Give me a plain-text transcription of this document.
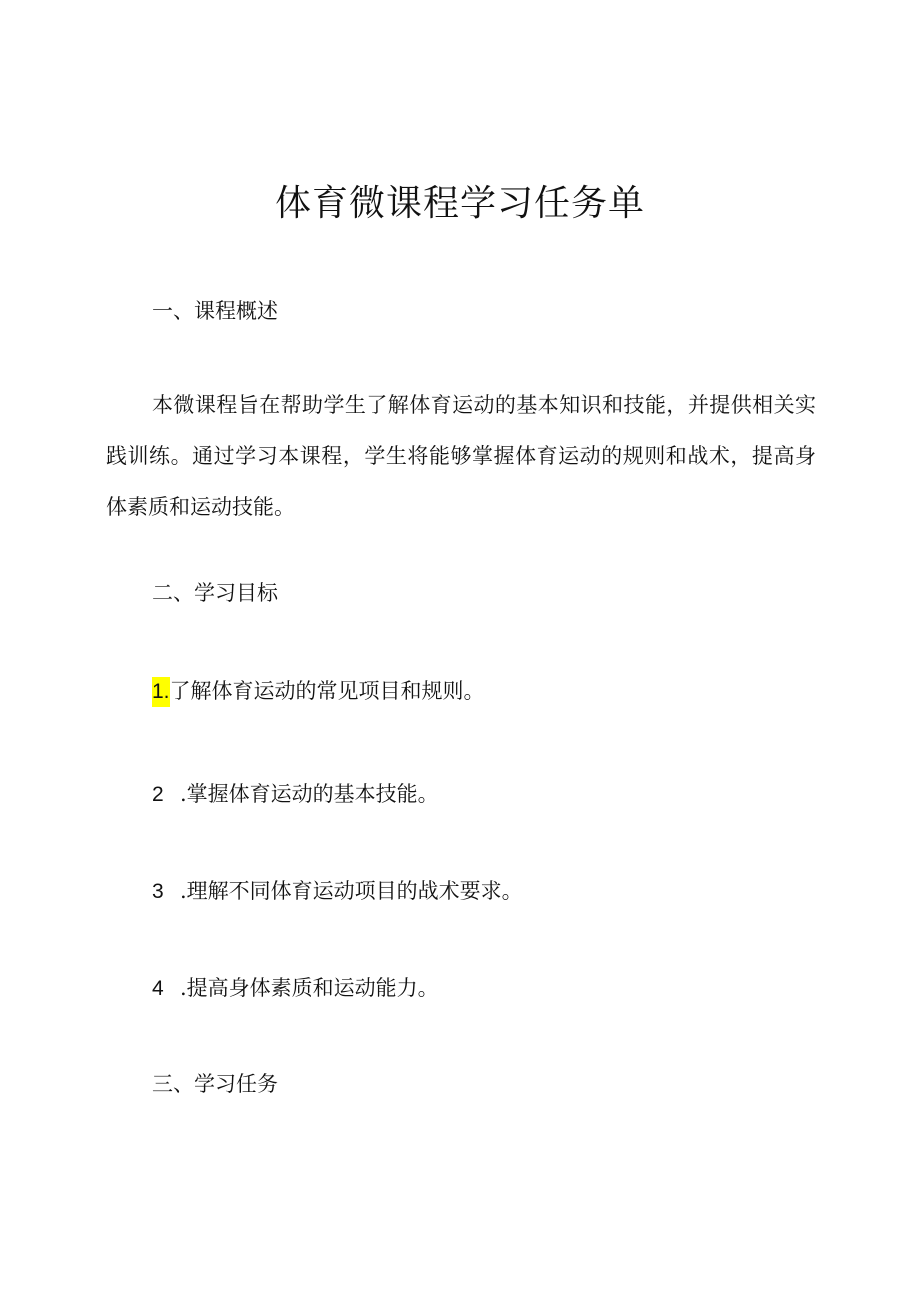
体育微课程学习任务单
一、课程概述

本微课程旨在帮助学生了解体育运动的基本知识和技能，并提供相关实践训练。通过学习本课程，学生将能够掌握体育运动的规则和战术，提高身体素质和运动技能。

二、学习目标
1.了解体育运动的常见项目和规则。
2 .掌握体育运动的基本技能。
3 .理解不同体育运动项目的战术要求。
4 .提高身体素质和运动能力。
三、学习任务
